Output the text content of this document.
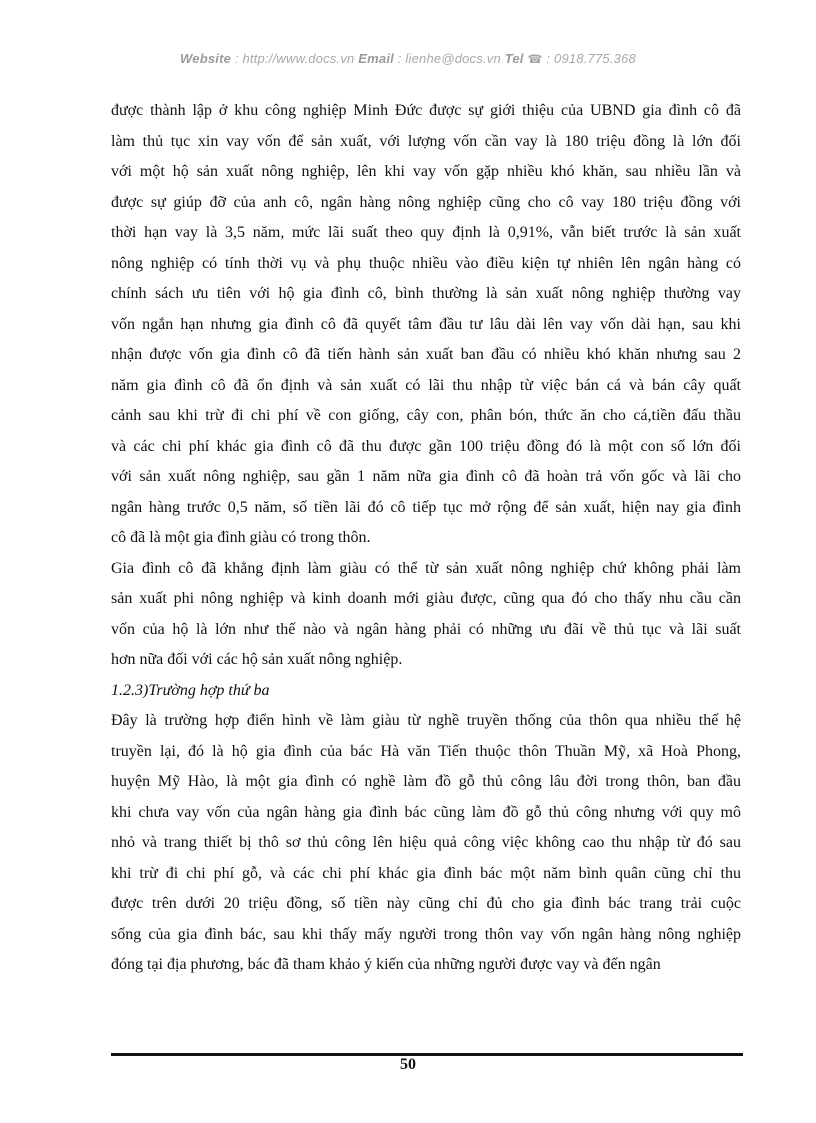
Website : http://www.docs.vn Email : lienhe@docs.vn Tel ☎ : 0918.775.368
được thành lập ở khu công nghiệp Minh Đức được sự giới thiệu của UBND gia đình cô đã
làm thủ tục xin vay vốn để sản xuất, với lượng vốn cần vay là 180 triệu đồng là lớn đối
với một hộ sản xuất nông nghiệp, lên khi vay vốn gặp nhiều khó khăn, sau nhiều lần và
được sự giúp đỡ của anh cô, ngân hàng nông nghiệp cũng cho cô vay 180 triệu đồng với
thời hạn vay là 3,5 năm, mức lãi suất theo quy định là 0,91%, vẫn biết trước là sản xuất
nông nghiệp có tính thời vụ và phụ thuộc nhiều vào điều kiện tự nhiên lên ngân hàng có
chính sách ưu tiên với hộ gia đình cô, bình thường là sản xuất nông nghiệp thường vay
vốn ngắn hạn nhưng gia đình cô đã quyết tâm đầu tư lâu dài lên vay vốn dài hạn, sau khi
nhận được vốn gia đình cô đã tiến hành sản xuất ban đầu có nhiều khó khăn nhưng sau 2
năm gia đình cô đã ổn định và sản xuất có lãi thu nhập từ việc bán cá và bán cây quất
cảnh sau khi trừ đi chi phí về con giống, cây con, phân bón, thức ăn cho cá,tiền đấu thầu
và các chi phí khác gia đình cô đã thu được gần 100 triệu đồng đó là một con số lớn đối
với sản xuất nông nghiệp, sau gần 1 năm nữa gia đình cô đã hoàn trả vốn gốc và lãi cho
ngân hàng trước 0,5 năm, số tiền lãi đó cô tiếp tục mở rộng để sản xuất, hiện nay gia đình
cô đã là một gia đình giàu có trong thôn.
Gia đình cô đã khẳng định làm giàu có thể từ sản xuất nông nghiệp chứ không phải làm
sản xuất phi nông nghiệp và kinh doanh mới giàu được, cũng qua đó cho thấy nhu cầu cần
vốn của hộ là lớn như thế nào và ngân hàng phải có những ưu đãi về thủ tục và lãi suất
hơn nữa đối với các hộ sản xuất nông nghiệp.
1.2.3)Trường hợp thứ ba
Đây là trường hợp điển hình về làm giàu từ nghề truyền thống của thôn qua nhiều thế hệ
truyền lại, đó là hộ gia đình của bác Hà văn Tiến thuộc thôn Thuần Mỹ, xã Hoà Phong,
huyện Mỹ Hào, là một gia đình có nghề làm đồ gỗ thủ công lâu đời trong thôn, ban đầu
khi chưa vay vốn của ngân hàng gia đình bác cũng làm đồ gỗ thủ công nhưng với quy mô
nhỏ và trang thiết bị thô sơ thủ công lên hiệu quả công việc không cao thu nhập từ đó sau
khi trừ đi chi phí gỗ, và các chi phí khác gia đình bác một năm bình quân cũng chỉ thu
được trên dưới 20 triệu đồng, số tiền này cũng chỉ đủ cho gia đình bác trang trải cuộc
sống của gia đình bác, sau khi thấy mấy người trong thôn vay vốn ngân hàng nông nghiệp
đóng tại địa phương, bác đã tham khảo ý kiến của những người được vay và đến ngân
50
